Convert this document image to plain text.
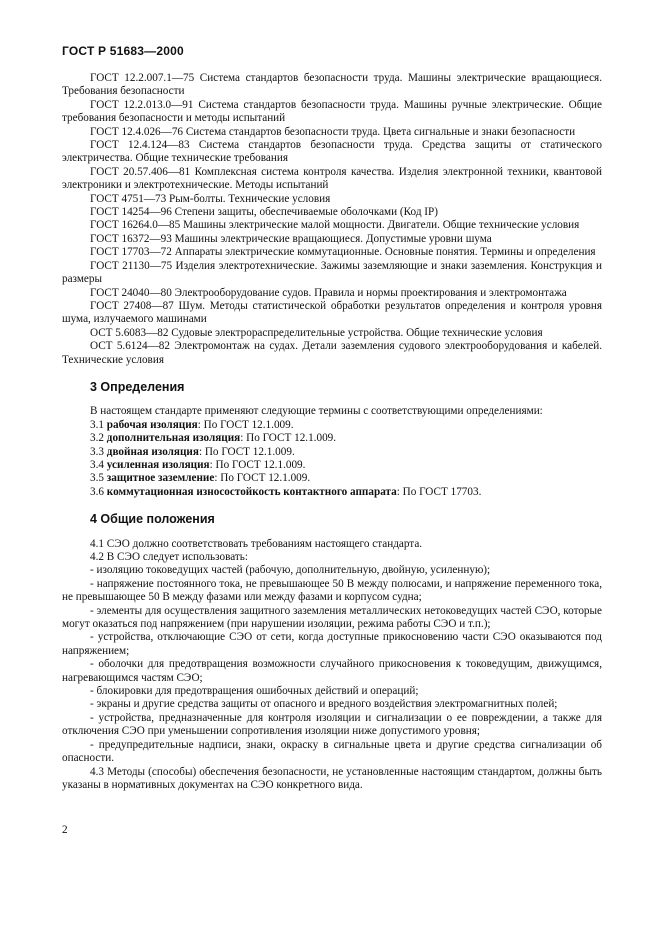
ГОСТ Р 51683—2000

ГОСТ 12.2.007.1—75 Система стандартов безопасности труда. Машины электрические вращающиеся. Требования безопасности

ГОСТ 12.2.013.0—91 Система стандартов безопасности труда. Машины ручные электрические. Общие требования безопасности и методы испытаний

ГОСТ 12.4.026—76 Система стандартов безопасности труда. Цвета сигнальные и знаки безопасности

ГОСТ 12.4.124—83 Система стандартов безопасности труда. Средства защиты от статического электричества. Общие технические требования

ГОСТ 20.57.406—81 Комплексная система контроля качества. Изделия электронной техники, квантовой электроники и электротехнические. Методы испытаний

ГОСТ 4751—73 Рым-болты. Технические условия

ГОСТ 14254—96 Степени защиты, обеспечиваемые оболочками (Код IP)

ГОСТ 16264.0—85 Машины электрические малой мощности. Двигатели. Общие технические условия

ГОСТ 16372—93 Машины электрические вращающиеся. Допустимые уровни шума

ГОСТ 17703—72 Аппараты электрические коммутационные. Основные понятия. Термины и определения

ГОСТ 21130—75 Изделия электротехнические. Зажимы заземляющие и знаки заземления. Конструкция и размеры

ГОСТ 24040—80 Электрооборудование судов. Правила и нормы проектирования и электромонтажа

ГОСТ 27408—87 Шум. Методы статистической обработки результатов определения и контроля уровня шума, излучаемого машинами

ОСТ 5.6083—82 Судовые электрораспределительные устройства. Общие технические условия

ОСТ 5.6124—82 Электромонтаж на судах. Детали заземления судового электрооборудования и кабелей. Технические условия

3 Определения

В настоящем стандарте применяют следующие термины с соответствующими определениями:

3.1 рабочая изоляция: По ГОСТ 12.1.009.

3.2 дополнительная изоляция: По ГОСТ 12.1.009.

3.3 двойная изоляция: По ГОСТ 12.1.009.

3.4 усиленная изоляция: По ГОСТ 12.1.009.

3.5 защитное заземление: По ГОСТ 12.1.009.

3.6 коммутационная износостойкость контактного аппарата: По ГОСТ 17703.

4 Общие положения

4.1 СЭО должно соответствовать требованиям настоящего стандарта.

4.2 В СЭО следует использовать:

- изоляцию токоведущих частей (рабочую, дополнительную, двойную, усиленную);

- напряжение постоянного тока, не превышающее 50 В между полюсами, и напряжение переменного тока, не превышающее 50 В между фазами или между фазами и корпусом судна;

- элементы для осуществления защитного заземления металлических нетоковедущих частей СЭО, которые могут оказаться под напряжением (при нарушении изоляции, режима работы СЭО и т.п.);

- устройства, отключающие СЭО от сети, когда доступные прикосновению части СЭО оказываются под напряжением;

- оболочки для предотвращения возможности случайного прикосновения к токоведущим, движущимся, нагревающимся частям СЭО;

- блокировки для предотвращения ошибочных действий и операций;

- экраны и другие средства защиты от опасного и вредного воздействия электромагнитных полей;

- устройства, предназначенные для контроля изоляции и сигнализации о ее повреждении, а также для отключения СЭО при уменьшении сопротивления изоляции ниже допустимого уровня;

- предупредительные надписи, знаки, окраску в сигнальные цвета и другие средства сигнализации об опасности.

4.3 Методы (способы) обеспечения безопасности, не установленные настоящим стандартом, должны быть указаны в нормативных документах на СЭО конкретного вида.

2
